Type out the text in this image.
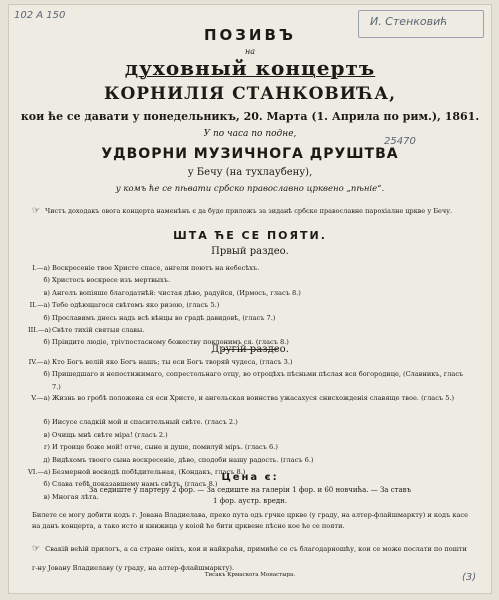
102 A 150	И. Стенковић
ПОЗИВЪ
на
духовный концертъ
КОРНИЛIЯ СТАНКОВИЋА,
кои ће се давати у понедельникъ, 20. Марта (1. Априла по рим.), 1861.
У по часа по подне,
25470
УДВОРНИ МУЗИЧНОГА ДРУШТВА
у Бечу (на тухлаубену),
у комъ ће се пѣвати србско православно црквено „пѣнiе“.
☞ Чистъ доходакъ овога концерта наменѣнъ є да буде приложъ за зиданѣ србске православне парохiалне цркве у Бечу.
ШТА ЋЕ СЕ ПОЯТИ.
Првый раздео.
I.—а) Воскресенiе твое Христе спасе, ангели поютъ на небесѣхъ.
б) Христосъ воскресе изъ мертвыхъ.
в) Ангелъ вопiяше благодатнѣй: чистая дѣво, радуйся, (Ирмосъ, гласъ 8.)
II.—а) Тебе одѣющагося свѣтомъ яко ризою, (гласъ 5.)
б) Прославимъ днесь надъ всѣ вѣнцы во градѣ давидовѣ, (гласъ 7.)
III.—а) Свѣте тихiй святыя славы.
б) Прiидите людiе, трiѵпостасному божеству поклонимъ ся. (гласъ 8.)
Другiй раздео.
IV.—а) Кто Богъ велiй яко Богъ нашъ; ты еси Богъ творяй чудеса, (гласъ 3.)
б) Пришедшаго и непостижимаго, сопрестольнаго отцу, во отроцѣхъ пѣсньми пѣслая вся богородице, (Славникъ, гласъ 7.)
V.—а) Жизнь во гробѣ положена ся еси Христе, и ангельская воинства ужасахуся снисхожденiя славяще твое. (гласъ 5.)
б) Иисусе сладкiй мой и спасительный свѣте. (гласъ 2.)
в) Очищь мнѣ свѣте мiра! (гласъ 2.)
г) И троице боже мой! отче, сыне и душе, помилуй мiръ. (гласъ 6.)
д) Видѣхомъ твоего сына воскресенiе, дѣво, сподоби нашу радость. (гласъ 6.)
VI.—а) Безмерной воєводѣ побѣдительная, (Кондакъ, гласъ 8.)
б) Слава тебѣ показавшему намъ свѣтъ, (гласъ 8.)
в) Многая лѣта.
Цена є:
За седиште у партеру 2 фор. — За седиште на галерiи 1 фор. и 60 новчића. — За ставъ
1 фор. аустр. вредн.
Билете се могу добити кодъ г. Јована Владиелава, преко пута одъ грчке цркве (у граду, на алтер-флайшмаркту) и кодъ касе на данъ концерта, а тако исто и книжица у коіой ће бити црквене пѣсне кое ће се пояти.
☞ Свакій већій прилогъ, а са стране оніхъ, кои и найкраћи, примиће се съ благодарношћу, кои се може послати по пошти г-ну Јовану Владиелаву (у граду, на алтер-флайшмаркту).
Тисакъ Крмаскога Монастыра.	(3)
